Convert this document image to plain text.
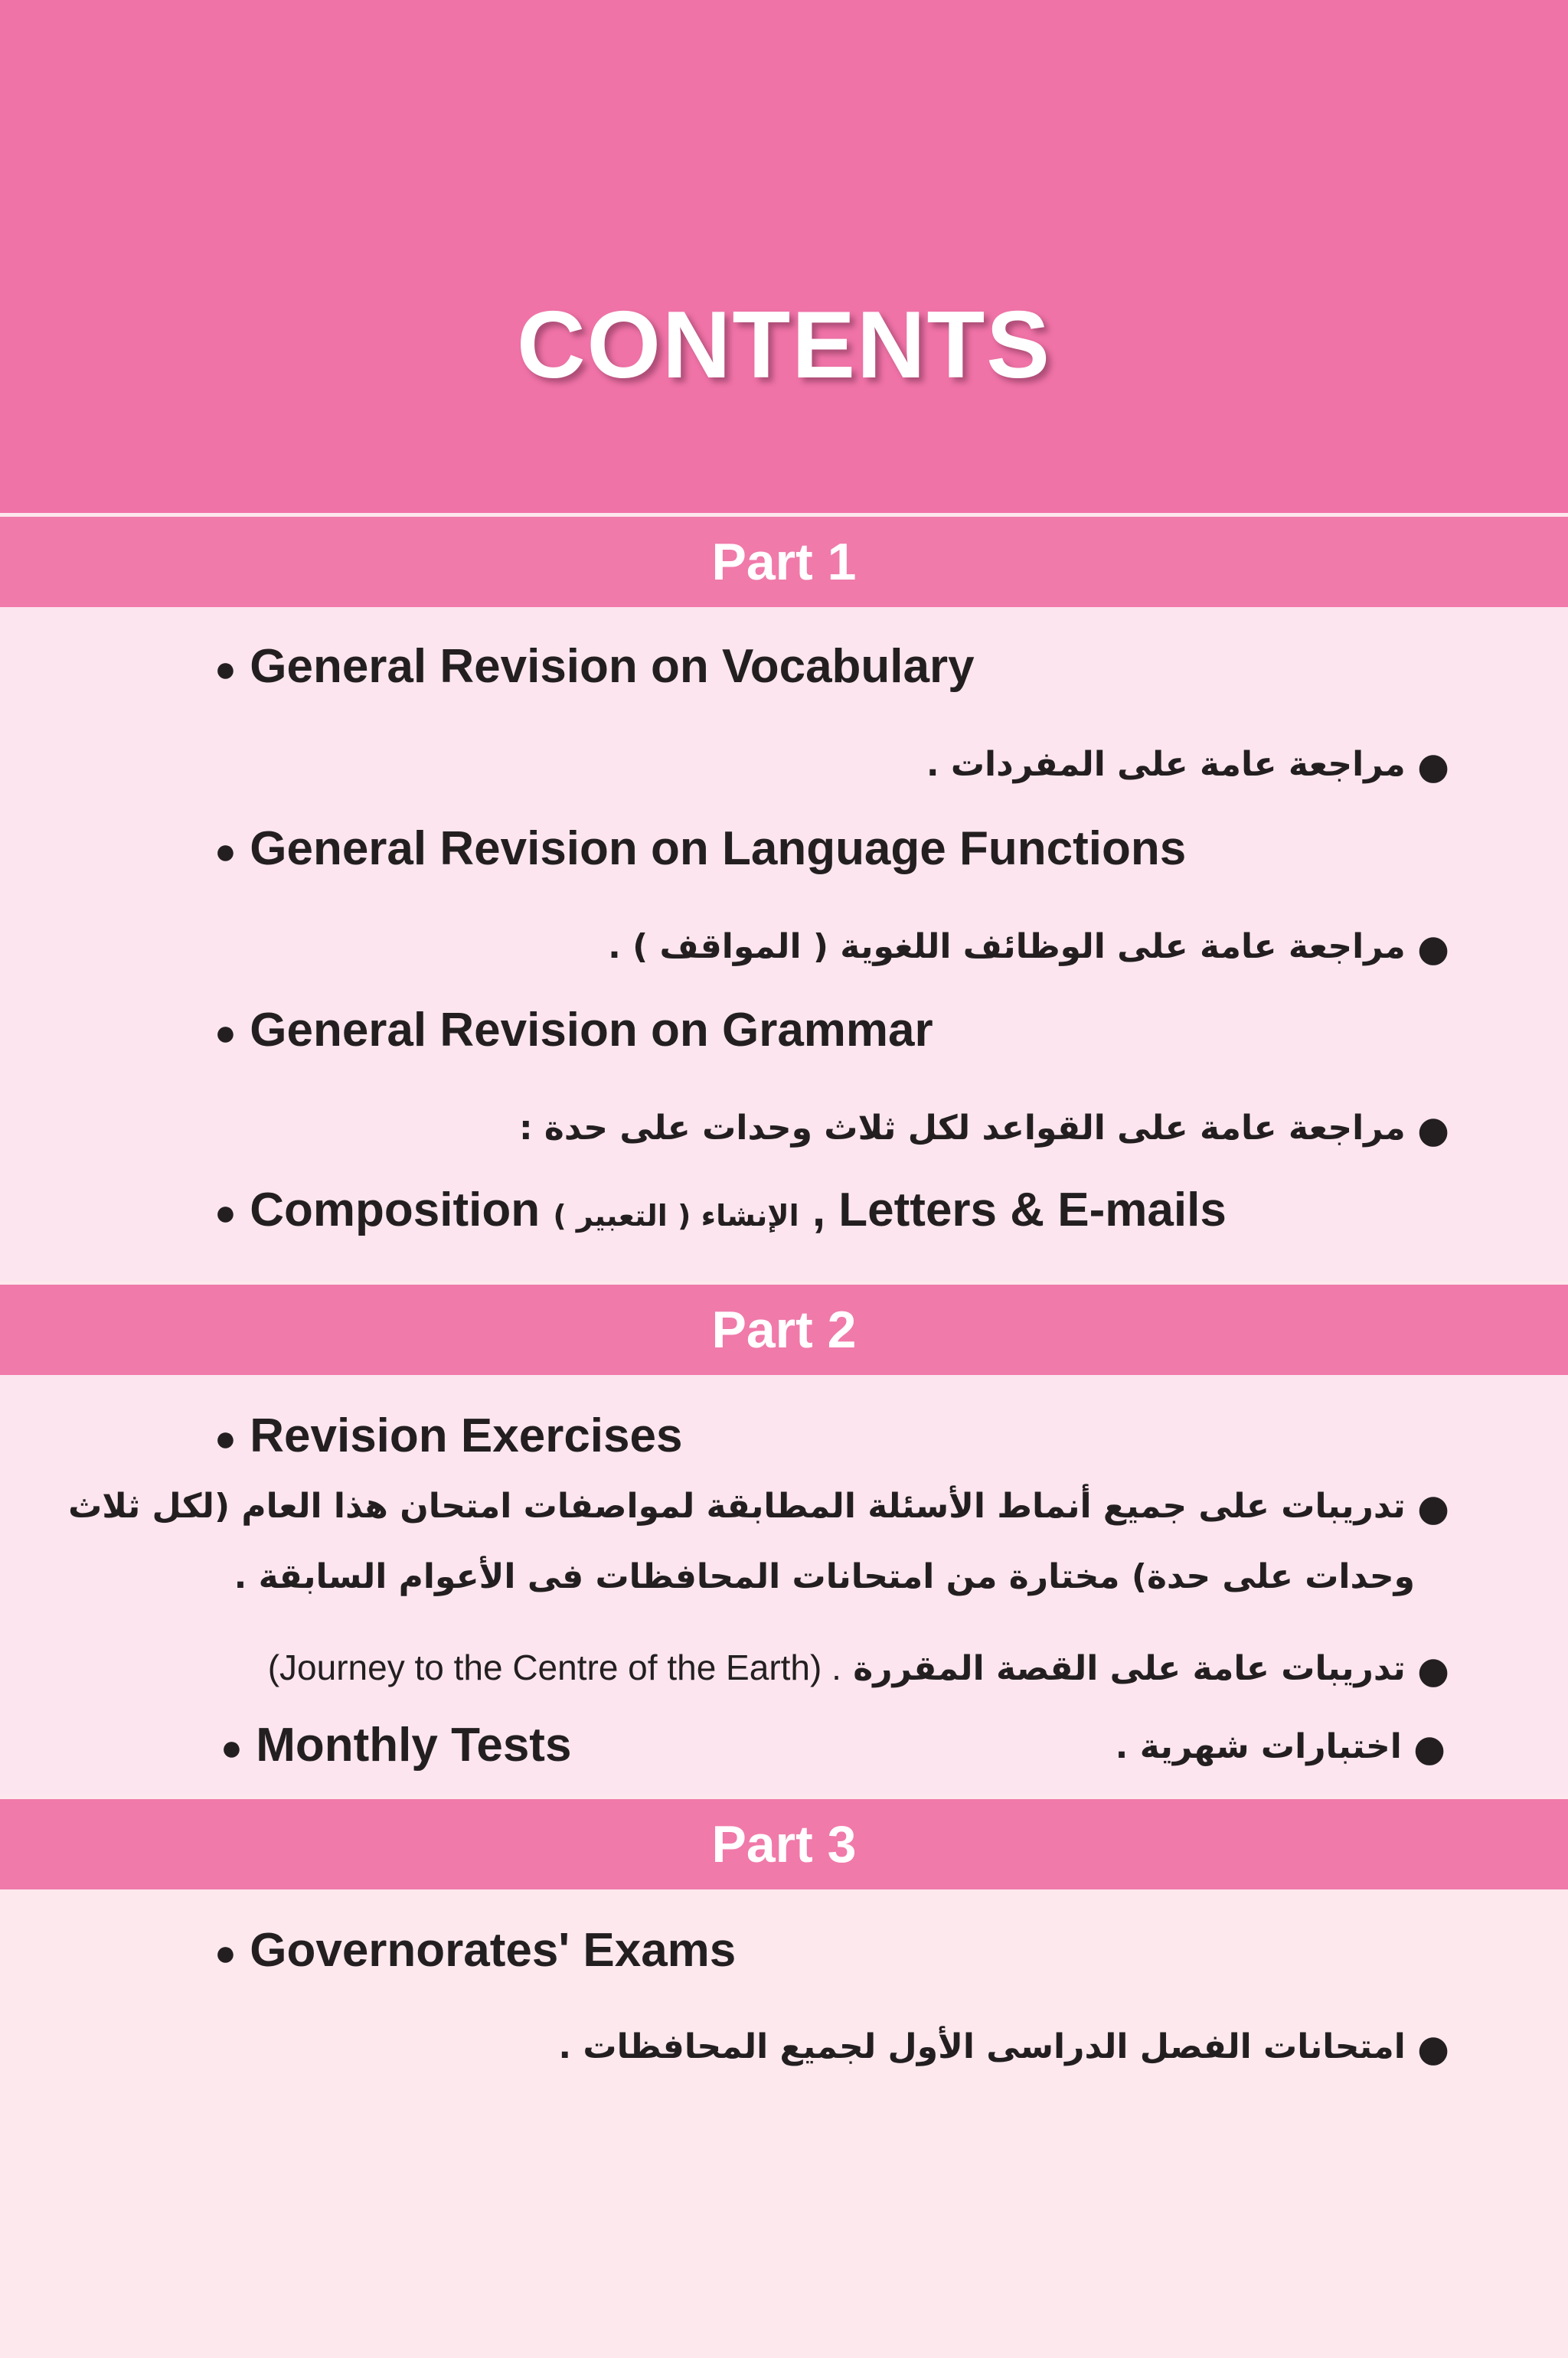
CONTENTS
Part 1
● General Revision on Vocabulary
● مراجعة عامة على المفردات .
● General Revision on Language Functions
● مراجعة عامة على الوظائف اللغوية ( المواقف ) .
● General Revision on Grammar
● مراجعة عامة على القواعد لكل ثلاث وحدات على حدة :
● Composition الإنشاء ( التعبير ) , Letters & E-mails
Part 2
● Revision Exercises
● تدريبات على جميع أنماط الأسئلة المطابقة لمواصفات امتحان هذا العام (لكل ثلاث
وحدات على حدة) مختارة من امتحانات المحافظات فى الأعوام السابقة .
● تدريبات عامة على القصة المقررة (Journey to the Centre of the Earth) .
● Monthly Tests	● اختبارات شهرية .
Part 3
● Governorates' Exams
● امتحانات الفصل الدراسى الأول لجميع المحافظات .
